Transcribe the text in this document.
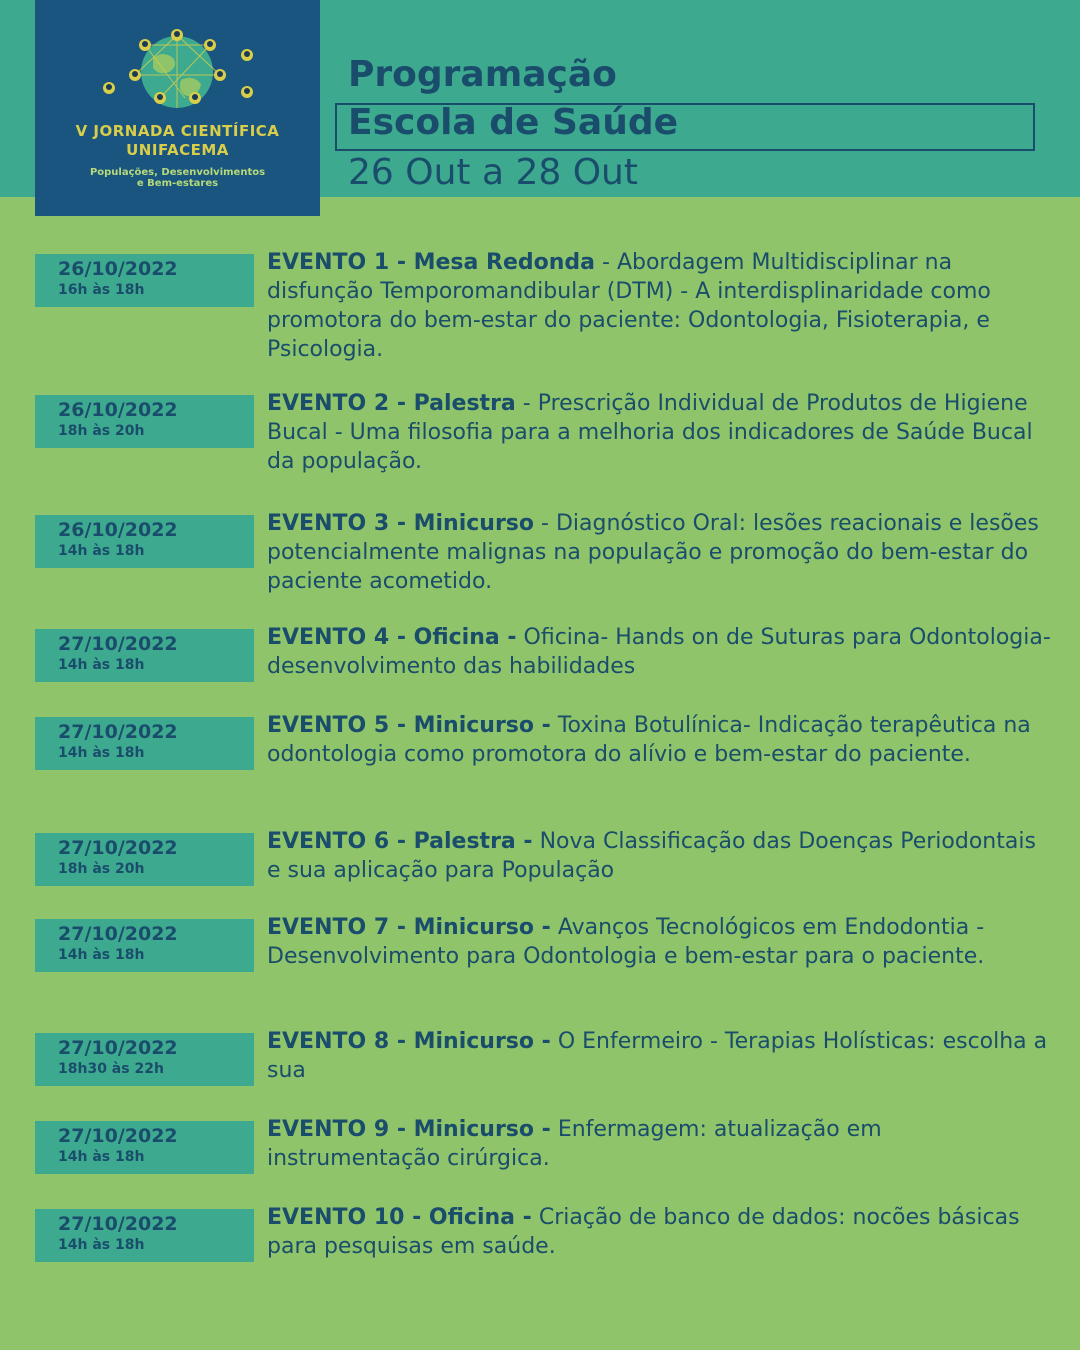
V JORNADA CIENTÍFICA
UNIFACEMA
Populações, Desenvolvimentos
e Bem-estares
Programação
Escola de Saúde
26 Out a 28 Out
26/10/2022
16h às 18h
EVENTO 1 - Mesa Redonda - Abordagem Multidisciplinar na disfunção Temporomandibular (DTM) - A interdisplinaridade como promotora do bem-estar do paciente: Odontologia, Fisioterapia, e Psicologia.
26/10/2022
18h às 20h
EVENTO 2 - Palestra - Prescrição Individual de Produtos de Higiene Bucal - Uma filosofia para a melhoria dos indicadores de Saúde Bucal da população.
26/10/2022
14h às 18h
EVENTO 3 - Minicurso - Diagnóstico Oral: lesões reacionais e lesões potencialmente malignas na população e promoção do bem-estar do paciente acometido.
27/10/2022
14h às 18h
EVENTO 4 - Oficina - Oficina- Hands on de Suturas para Odontologia- desenvolvimento das habilidades
27/10/2022
14h às 18h
EVENTO 5 - Minicurso - Toxina Botulínica- Indicação terapêutica na odontologia como promotora do alívio e bem-estar do paciente.
27/10/2022
18h às 20h
EVENTO 6 - Palestra - Nova Classificação das Doenças Periodontais e sua aplicação para População
27/10/2022
14h às 18h
EVENTO 7 - Minicurso - Avanços Tecnológicos em Endodontia - Desenvolvimento para Odontologia e bem-estar para o paciente.
27/10/2022
18h30 às 22h
EVENTO 8 - Minicurso - O Enfermeiro - Terapias Holísticas: escolha a sua
27/10/2022
14h às 18h
EVENTO 9 - Minicurso - Enfermagem: atualização em instrumentação cirúrgica.
27/10/2022
14h às 18h
EVENTO 10 - Oficina - Criação de banco de dados: nocões básicas para pesquisas em saúde.
